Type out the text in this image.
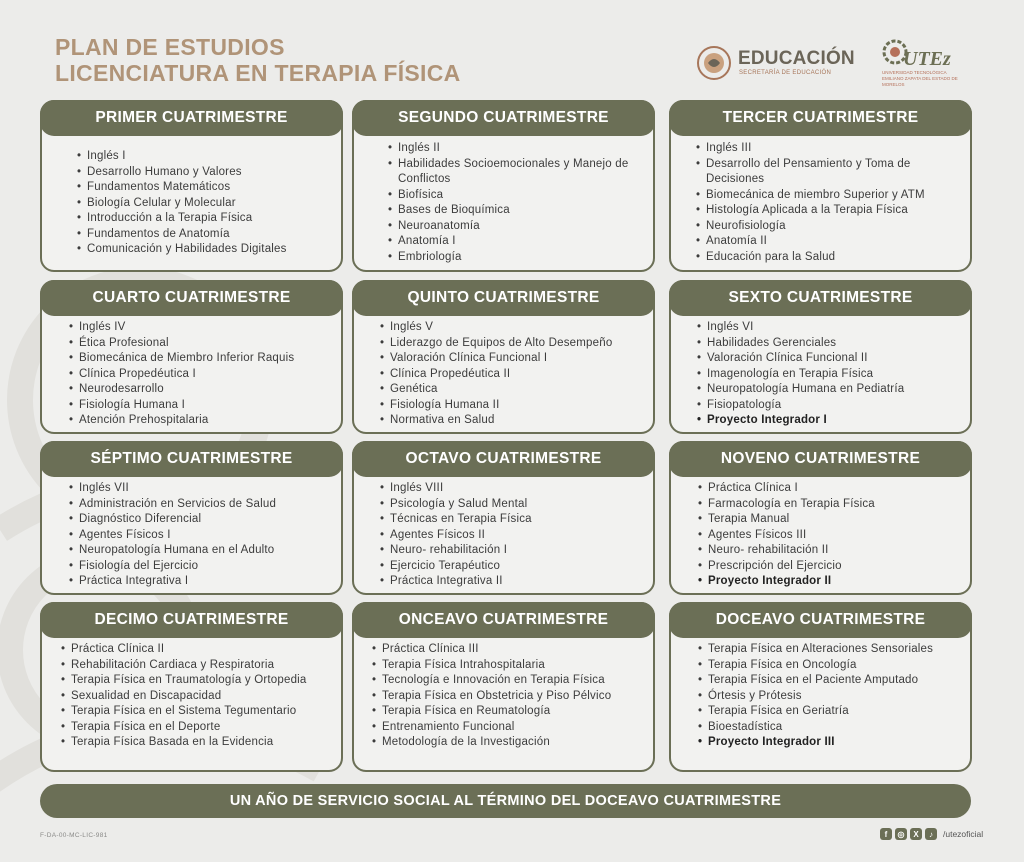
PLAN DE ESTUDIOS
LICENCIATURA EN TERAPIA FÍSICA
EDUCACIÓN
SECRETARÍA DE EDUCACIÓN
UTEz
UNIVERSIDAD TECNOLÓGICA EMILIANO ZAPATA DEL ESTADO DE MORELOS
PRIMER CUATRIMESTRE
• Inglés I
• Desarrollo Humano y Valores
• Fundamentos Matemáticos
• Biología Celular y Molecular
• Introducción a la Terapia Física
• Fundamentos de Anatomía
• Comunicación y Habilidades Digitales
SEGUNDO CUATRIMESTRE
• Inglés II
• Habilidades Socioemocionales y Manejo de Conflictos
• Biofísica
• Bases de Bioquímica
• Neuroanatomía
• Anatomía I
• Embriología
TERCER CUATRIMESTRE
• Inglés III
• Desarrollo del Pensamiento y Toma de Decisiones
• Biomecánica de miembro Superior y ATM
• Histología Aplicada a la Terapia Física
• Neurofisiología
• Anatomía II
• Educación para la Salud
CUARTO CUATRIMESTRE
• Inglés IV
• Ética Profesional
• Biomecánica de Miembro Inferior Raquis
• Clínica Propedéutica I
• Neurodesarrollo
• Fisiología Humana I
• Atención Prehospitalaria
QUINTO CUATRIMESTRE
• Inglés V
• Liderazgo de Equipos de Alto Desempeño
• Valoración Clínica Funcional I
• Clínica Propedéutica II
• Genética
• Fisiología Humana II
• Normativa en Salud
SEXTO CUATRIMESTRE
• Inglés VI
• Habilidades Gerenciales
• Valoración Clínica Funcional II
• Imagenología en Terapia Física
• Neuropatología Humana en Pediatría
• Fisiopatología
• Proyecto Integrador I
SÉPTIMO CUATRIMESTRE
• Inglés VII
• Administración en Servicios de Salud
• Diagnóstico Diferencial
• Agentes Físicos I
• Neuropatología Humana en el Adulto
• Fisiología del Ejercicio
• Práctica Integrativa I
OCTAVO CUATRIMESTRE
• Inglés VIII
• Psicología y Salud Mental
• Técnicas en Terapia Física
• Agentes Físicos II
• Neuro- rehabilitación I
• Ejercicio Terapéutico
• Práctica Integrativa II
NOVENO CUATRIMESTRE
• Práctica Clínica I
• Farmacología en Terapia Física
• Terapia Manual
• Agentes Físicos III
• Neuro- rehabilitación II
• Prescripción del Ejercicio
• Proyecto Integrador II
DECIMO CUATRIMESTRE
• Práctica Clínica II
• Rehabilitación Cardiaca y Respiratoria
• Terapia Física en Traumatología y Ortopedia
• Sexualidad en Discapacidad
• Terapia Física en el Sistema Tegumentario
• Terapia Física en el Deporte
• Terapia Física Basada en la Evidencia
ONCEAVO CUATRIMESTRE
• Práctica Clínica III
• Terapia Física Intrahospitalaria
• Tecnología e Innovación en Terapia Física
• Terapia Física en Obstetricia y Piso Pélvico
• Terapia Física en Reumatología
• Entrenamiento Funcional
• Metodología de la Investigación
DOCEAVO CUATRIMESTRE
• Terapia Física en Alteraciones Sensoriales
• Terapia Física en Oncología
• Terapia Física en el Paciente Amputado
• Órtesis y Prótesis
• Terapia Física en Geriatría
• Bioestadística
• Proyecto Integrador III
UN AÑO DE SERVICIO SOCIAL AL TÉRMINO DEL DOCEAVO CUATRIMESTRE
F-DA-00-MC-LIC-981	f	◎	X	♪	/utezoficial
